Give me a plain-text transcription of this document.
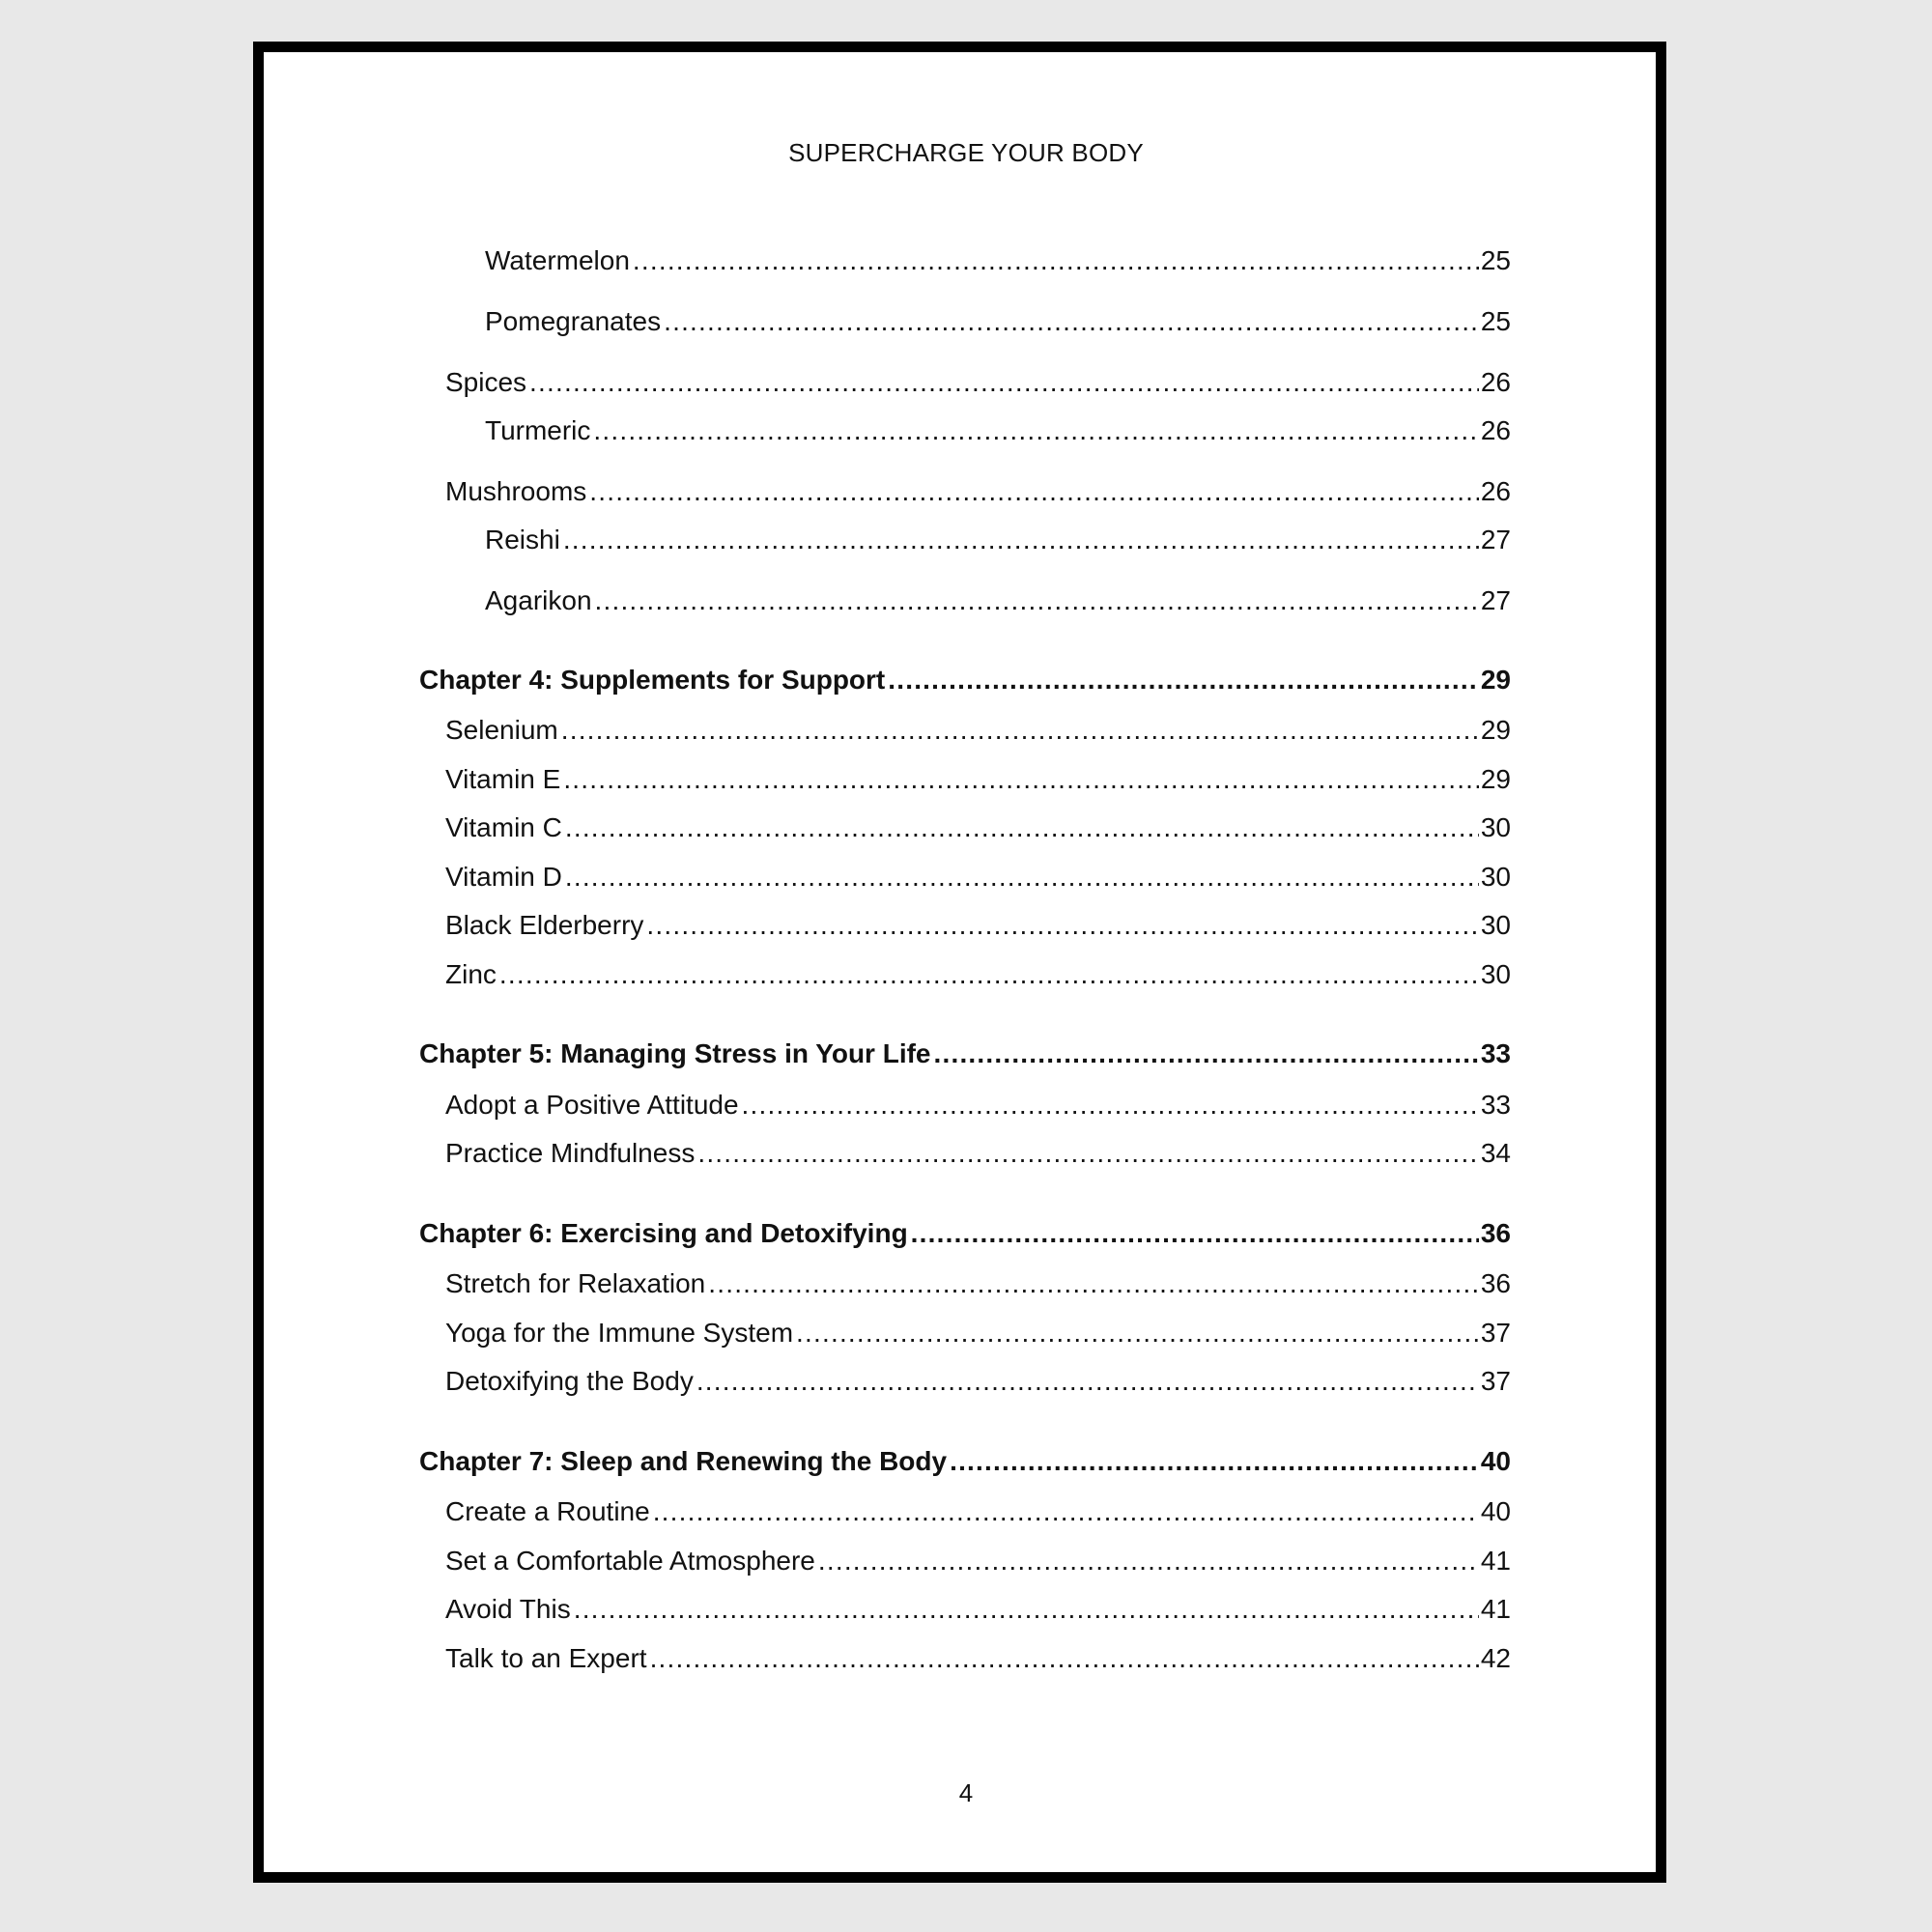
SUPERCHARGE YOUR BODY
Watermelon .....	25
Pomegranates .....	25
Spices .....	26
Turmeric .....	26
Mushrooms .....	26
Reishi .....	27
Agarikon .....	27
Chapter 4: Supplements for Support .....	29
Selenium .....	29
Vitamin E .....	29
Vitamin C .....	30
Vitamin D .....	30
Black Elderberry .....	30
Zinc .....	30
Chapter 5: Managing Stress in Your Life .....	33
Adopt a Positive Attitude .....	33
Practice Mindfulness .....	34
Chapter 6: Exercising and Detoxifying .....	36
Stretch for Relaxation .....	36
Yoga for the Immune System .....	37
Detoxifying the Body .....	37
Chapter 7: Sleep and Renewing the Body .....	40
Create a Routine .....	40
Set a Comfortable Atmosphere .....	41
Avoid This .....	41
Talk to an Expert .....	42
4
